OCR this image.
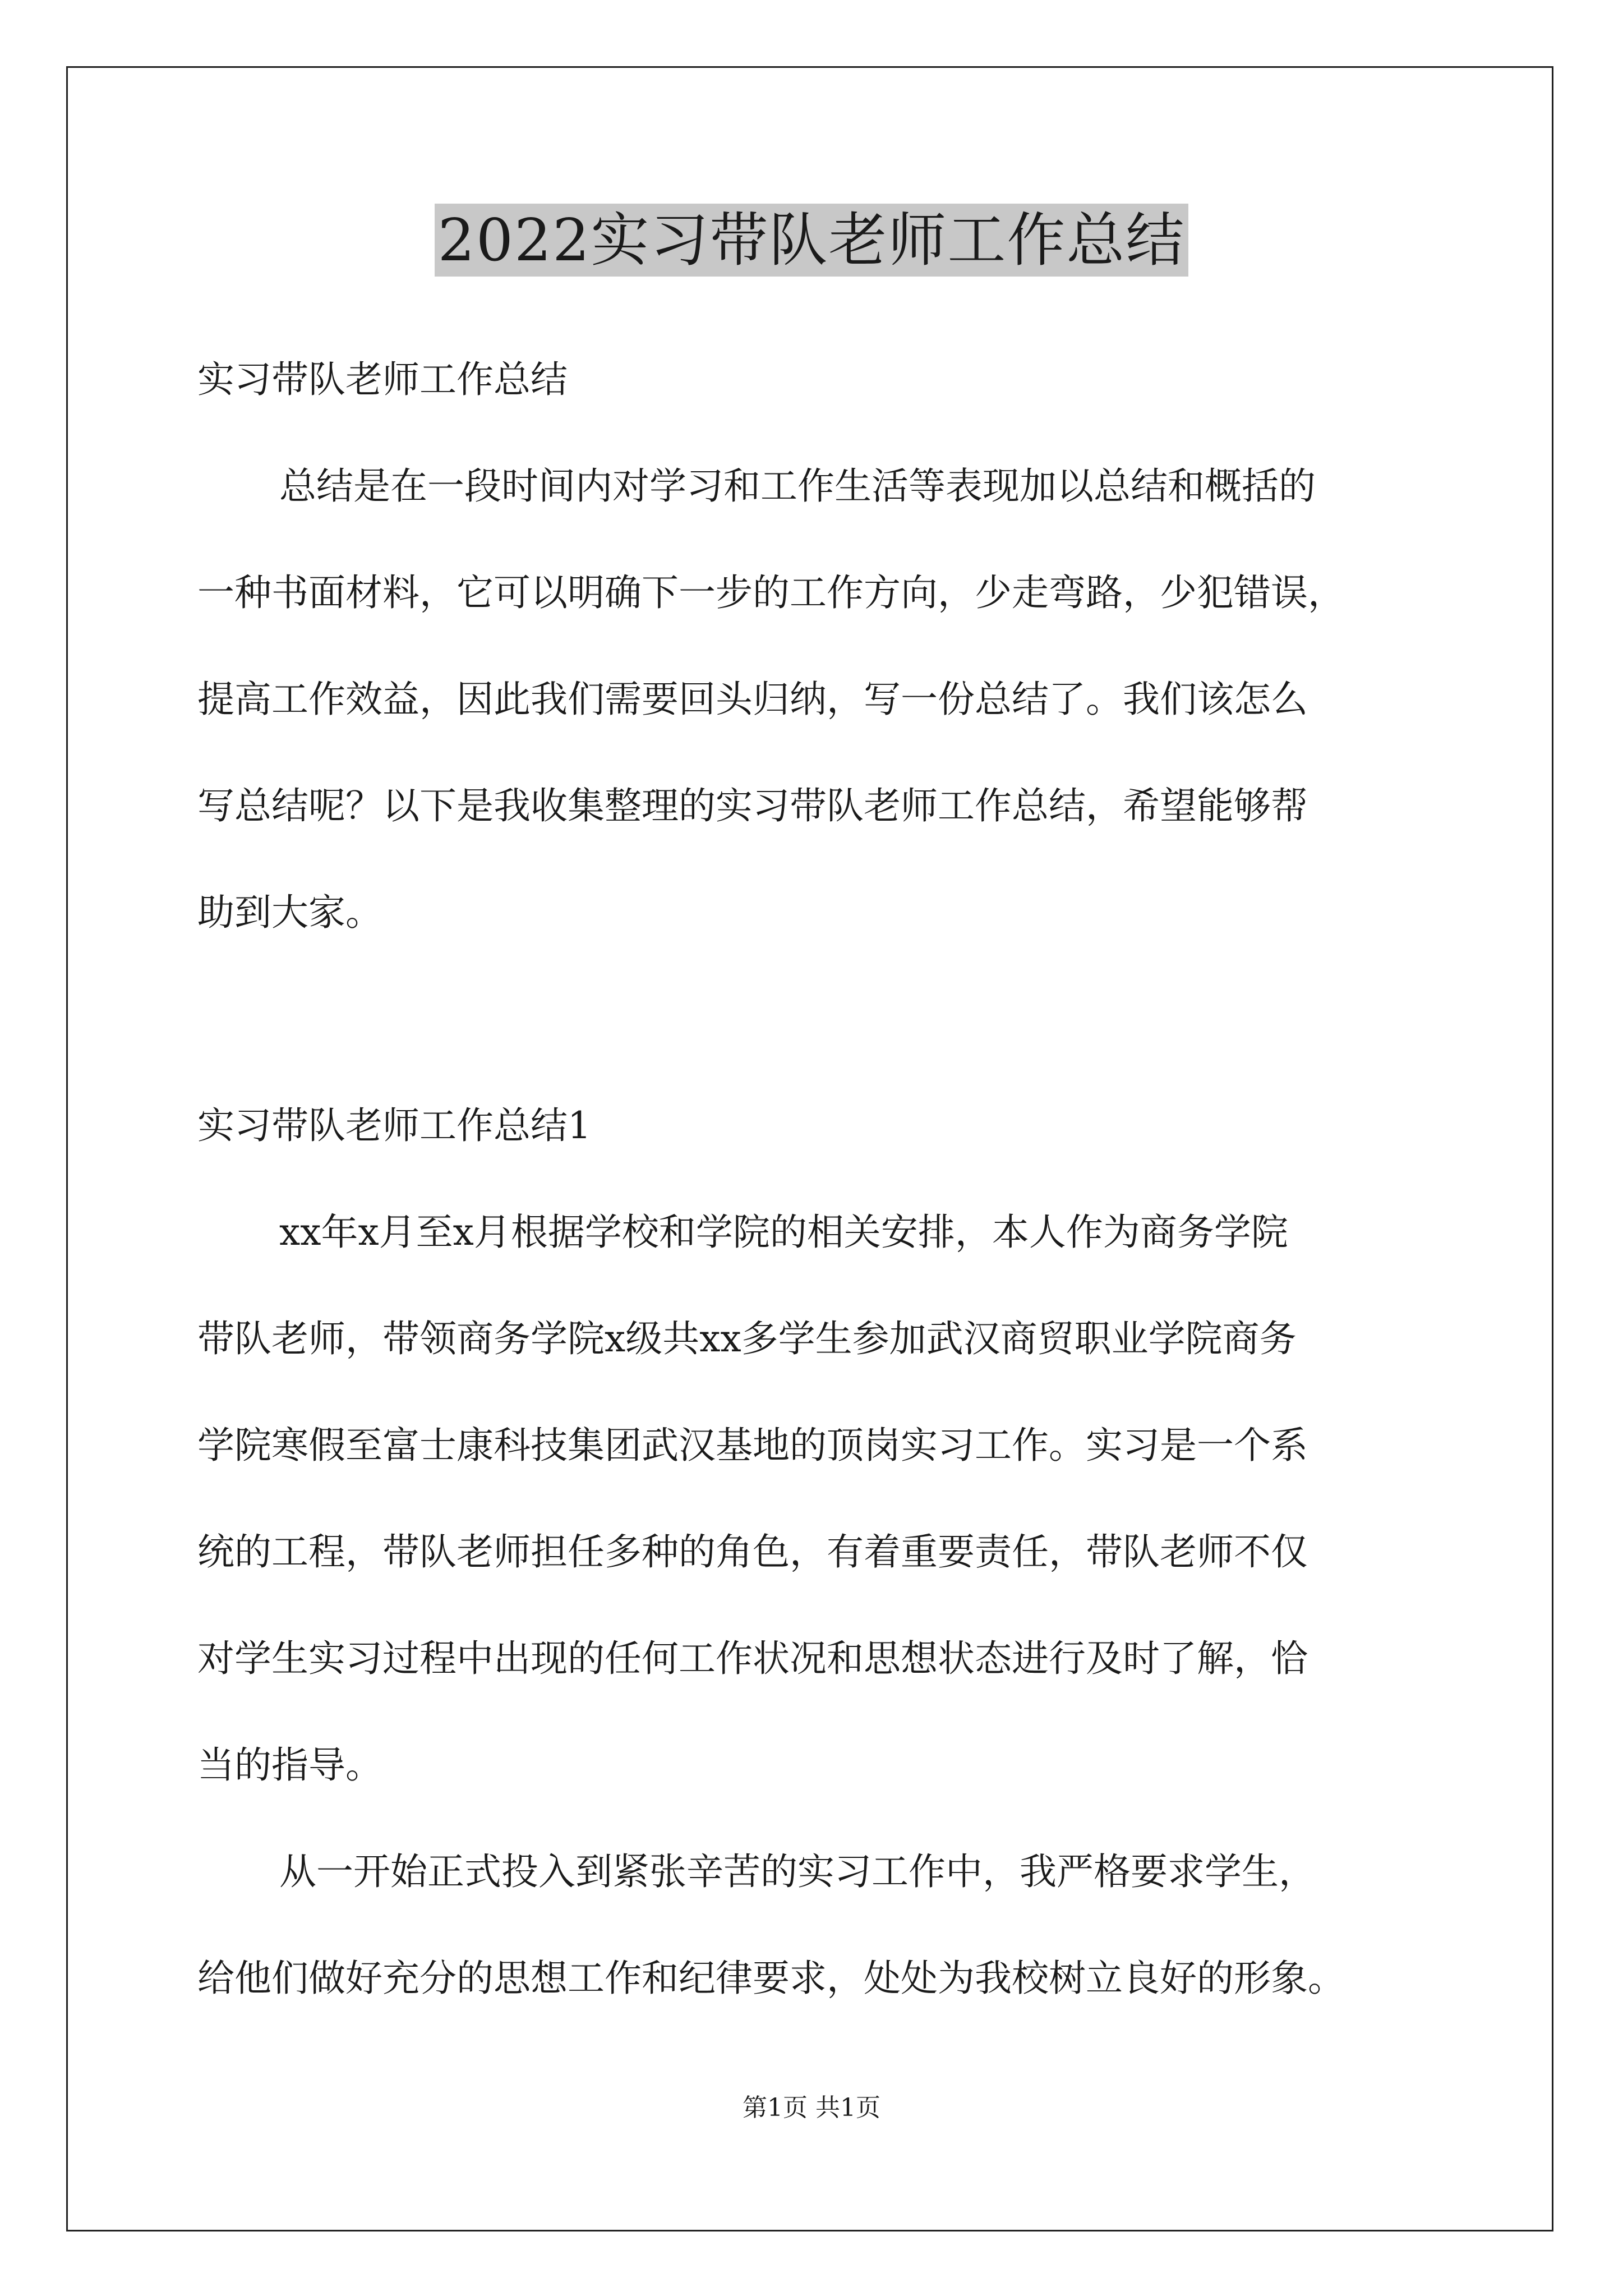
2022实习带队老师工作总结
实习带队老师工作总结
总结是在一段时间内对学习和工作生活等表现加以总结和概括的
一种书面材料，它可以明确下一步的工作方向，少走弯路，少犯错误，
提高工作效益，因此我们需要回头归纳，写一份总结了。我们该怎么
写总结呢？以下是我收集整理的实习带队老师工作总结，希望能够帮
助到大家。
实习带队老师工作总结1
xx年x月至x月根据学校和学院的相关安排，本人作为商务学院
带队老师，带领商务学院x级共xx多学生参加武汉商贸职业学院商务
学院寒假至富士康科技集团武汉基地的顶岗实习工作。实习是一个系
统的工程，带队老师担任多种的角色，有着重要责任，带队老师不仅
对学生实习过程中出现的任何工作状况和思想状态进行及时了解，恰
当的指导。
从一开始正式投入到紧张辛苦的实习工作中，我严格要求学生，
给他们做好充分的思想工作和纪律要求，处处为我校树立良好的形象。
第1页 共1页
